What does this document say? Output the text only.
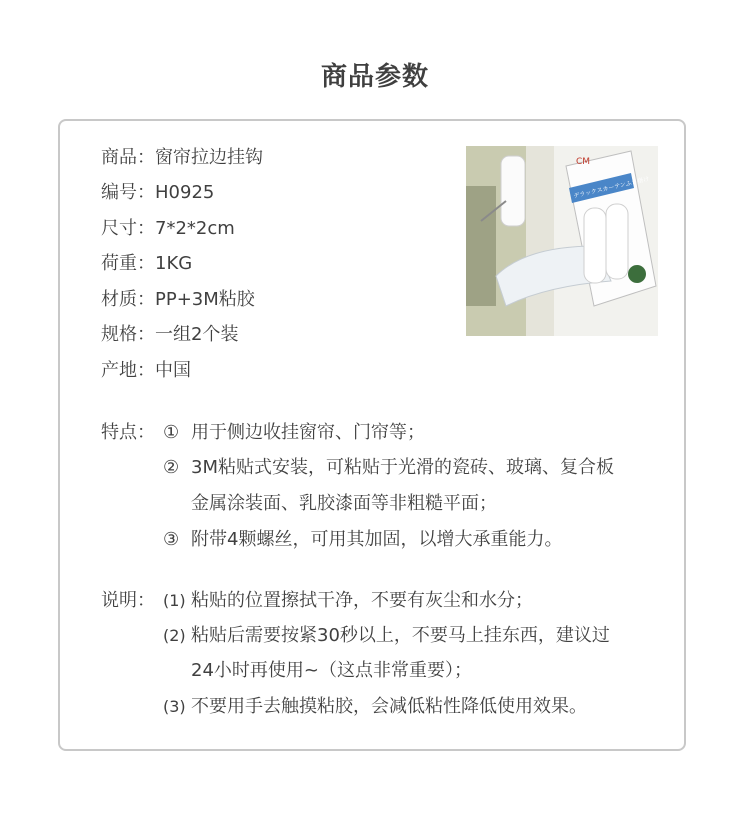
商品参数
商品：窗帘拉边挂钩
编号：H0925
尺寸：7*2*2cm
荷重：1KG
材质：PP+3M粘胶
规格：一组2个装
产地：中国
CM
デラックスカーテンふさ掛け
特点： ① 用于侧边收挂窗帘、门帘等；
② 3M粘贴式安装，可粘贴于光滑的瓷砖、玻璃、复合板
金属涂装面、乳胶漆面等非粗糙平面；
③ 附带4颗螺丝，可用其加固，以增大承重能力。
说明： (1) 粘贴的位置擦拭干净，不要有灰尘和水分；
(2) 粘贴后需要按紧30秒以上，不要马上挂东西，建议过
24小时再使用~（这点非常重要）；
(3) 不要用手去触摸粘胶，会减低粘性降低使用效果。
